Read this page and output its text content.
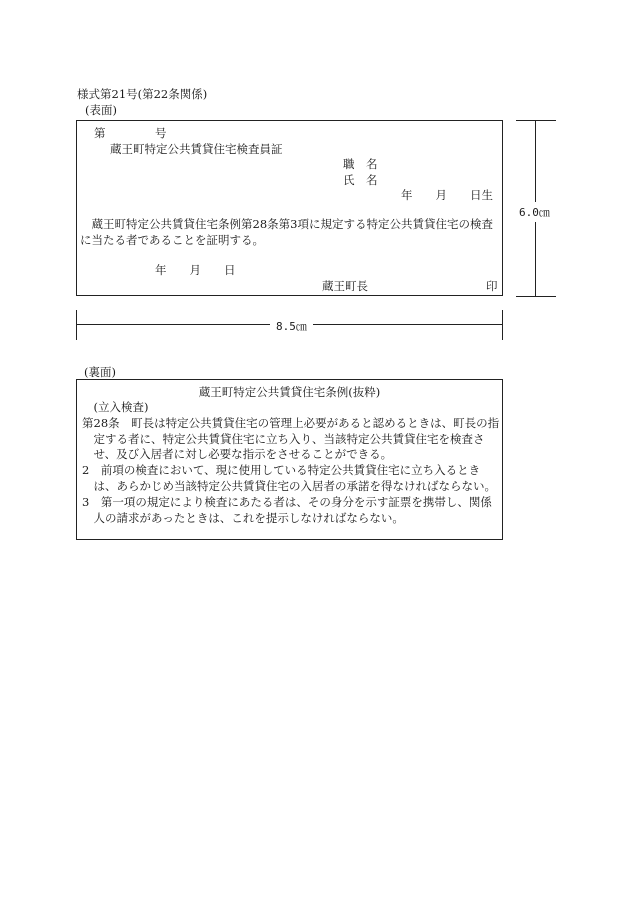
様式第21号(第22条関係)
(表面)
第	号
蔵王町特定公共賃貸住宅検査員証
職　名
氏　名
年　　月　　日生
蔵王町特定公共賃貸住宅条例第28条第3項に規定する特定公共賃貸住宅の検査に当たる者であることを証明する。
年　　月　　日
蔵王町長	印
6.0㎝
8.5㎝
(裏面)
蔵王町特定公共賃貸住宅条例(抜粋)
(立入検査)
第28条　町長は特定公共賃貸住宅の管理上必要があると認めるときは、町長の指定する者に、特定公共賃貸住宅に立ち入り、当該特定公共賃貸住宅を検査させ、及び入居者に対し必要な指示をさせることができる。
2　前項の検査において、現に使用している特定公共賃貸住宅に立ち入るときは、あらかじめ当該特定公共賃貸住宅の入居者の承諾を得なければならない。
3　第一項の規定により検査にあたる者は、その身分を示す証票を携帯し、関係人の請求があったときは、これを提示しなければならない。
